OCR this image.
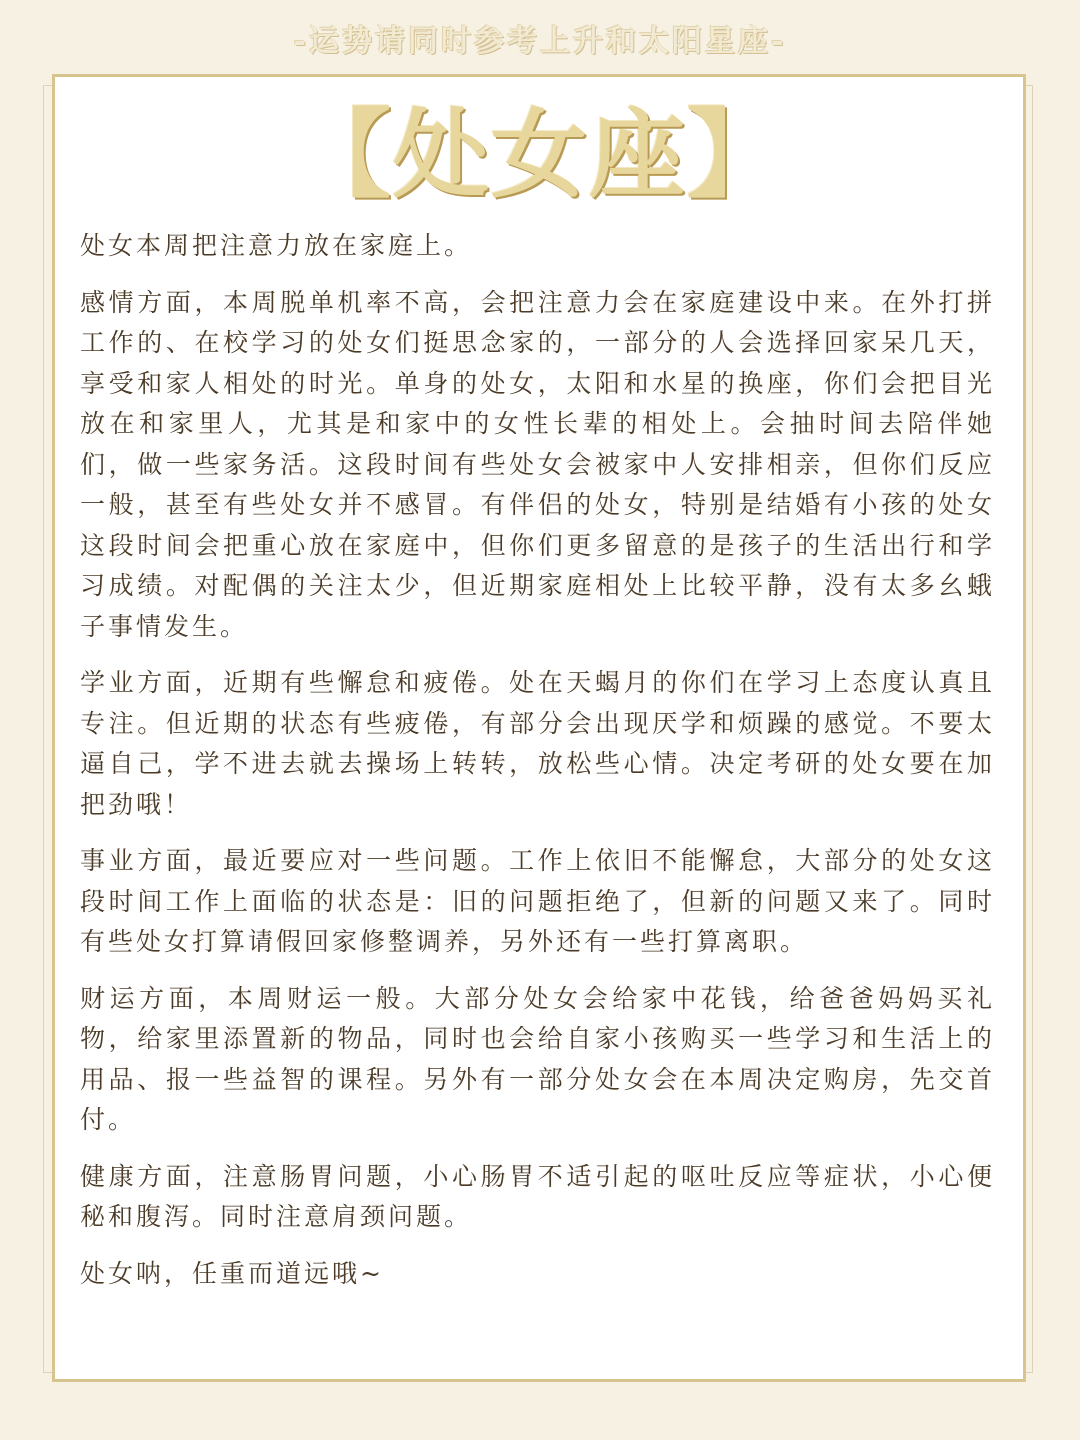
-运势请同时参考上升和太阳星座-
【处女座】

处女本周把注意力放在家庭上。

感情方面，本周脱单机率不高，会把注意力会在家庭建设中来。在外打拼工作的、在校学习的处女们挺思念家的，一部分的人会选择回家呆几天，享受和家人相处的时光。单身的处女，太阳和水星的换座，你们会把目光放在和家里人，尤其是和家中的女性长辈的相处上。会抽时间去陪伴她们，做一些家务活。这段时间有些处女会被家中人安排相亲，但你们反应一般，甚至有些处女并不感冒。有伴侣的处女，特别是结婚有小孩的处女这段时间会把重心放在家庭中，但你们更多留意的是孩子的生活出行和学习成绩。对配偶的关注太少，但近期家庭相处上比较平静，没有太多幺蛾子事情发生。

学业方面，近期有些懈怠和疲倦。处在天蝎月的你们在学习上态度认真且专注。但近期的状态有些疲倦，有部分会出现厌学和烦躁的感觉。不要太逼自己，学不进去就去操场上转转，放松些心情。决定考研的处女要在加把劲哦！

事业方面，最近要应对一些问题。工作上依旧不能懈怠，大部分的处女这段时间工作上面临的状态是：旧的问题拒绝了，但新的问题又来了。同时有些处女打算请假回家修整调养，另外还有一些打算离职。

财运方面，本周财运一般。大部分处女会给家中花钱，给爸爸妈妈买礼物，给家里添置新的物品，同时也会给自家小孩购买一些学习和生活上的用品、报一些益智的课程。另外有一部分处女会在本周决定购房，先交首付。

健康方面，注意肠胃问题，小心肠胃不适引起的呕吐反应等症状，小心便秘和腹泻。同时注意肩颈问题。

处女呐，任重而道远哦~
